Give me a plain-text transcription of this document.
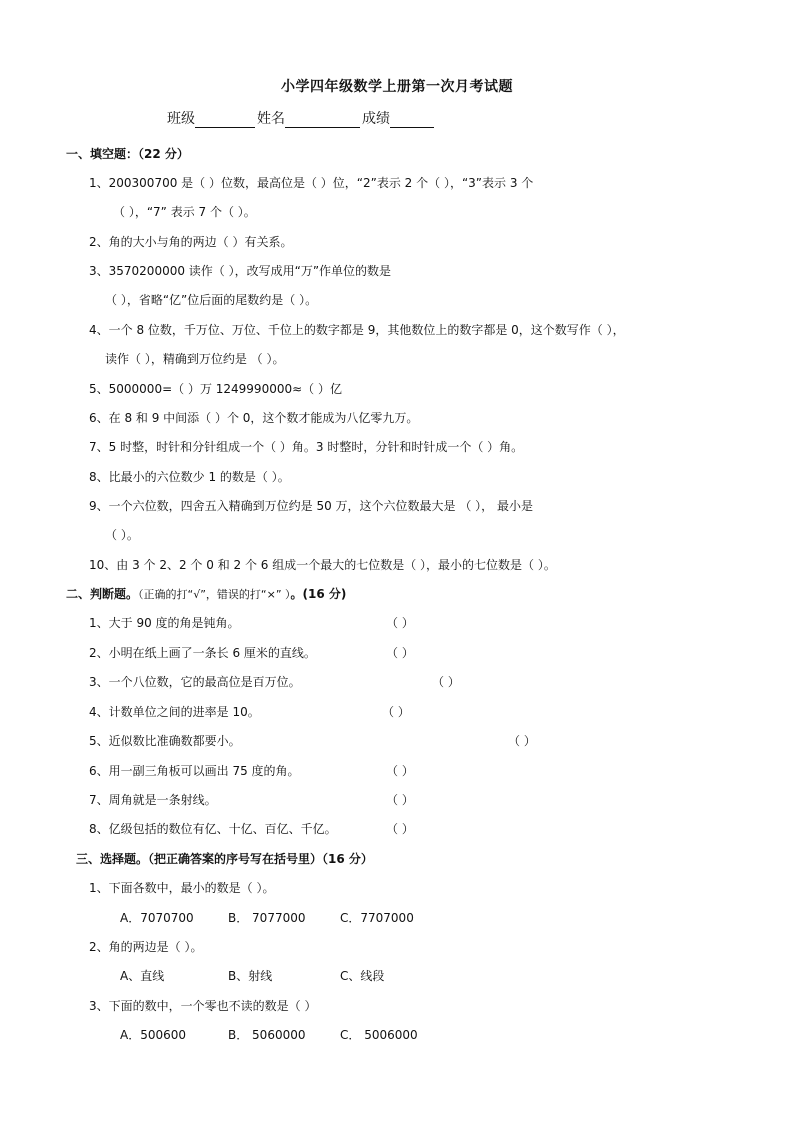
小学四年级数学上册第一次月考试题
班级	姓名	成绩
一、填空题：（22 分）
1、200300700 是（ ）位数，最高位是（ ）位，“2”表示 2 个（ ），“3”表示 3 个
（ ），“7” 表示 7 个（ ）。
2、角的大小与角的两边（ ）有关系。
3、3570200000 读作（ ），改写成用“万”作单位的数是
（ ），省略“亿”位后面的尾数约是（ ）。
4、一个 8 位数，千万位、万位、千位上的数字都是 9，其他数位上的数字都是 0，这个数写作（ ），
读作（ ），精确到万位约是 （ ）。
5、5000000=（ ）万 1249990000≈（ ）亿
6、在 8 和 9 中间添（ ）个 0，这个数才能成为八亿零九万。
7、5 时整，时针和分针组成一个（ ）角。3 时整时，分针和时针成一个（ ）角。
8、比最小的六位数少 1 的数是（ ）。
9、一个六位数，四舍五入精确到万位约是 50 万，这个六位数最大是 （ ）， 最小是
（ ）。
10、由 3 个 2、2 个 0 和 2 个 6 组成一个最大的七位数是（ ），最小的七位数是（ ）。
二、判断题。（正确的打“√”，错误的打“×” ）。(16 分)
1、大于 90 度的角是钝角。	（ ）
2、小明在纸上画了一条长 6 厘米的直线。	（ ）
3、一个八位数，它的最高位是百万位。	（ ）
4、计数单位之间的进率是 10。	（ ）
5、近似数比准确数都要小。	（ ）
6、用一副三角板可以画出 75 度的角。	（ ）
7、周角就是一条射线。	（ ）
8、亿级包括的数位有亿、十亿、百亿、千亿。	（ ）
三、选择题。（把正确答案的序号写在括号里）（16 分）
1、下面各数中，最小的数是（ ）。
A．7070700	B． 7077000	C．7707000
2、角的两边是（ ）。
A、直线	B、射线	C、线段
3、下面的数中，一个零也不读的数是（ ）
A．500600	B． 5060000	C． 5006000
